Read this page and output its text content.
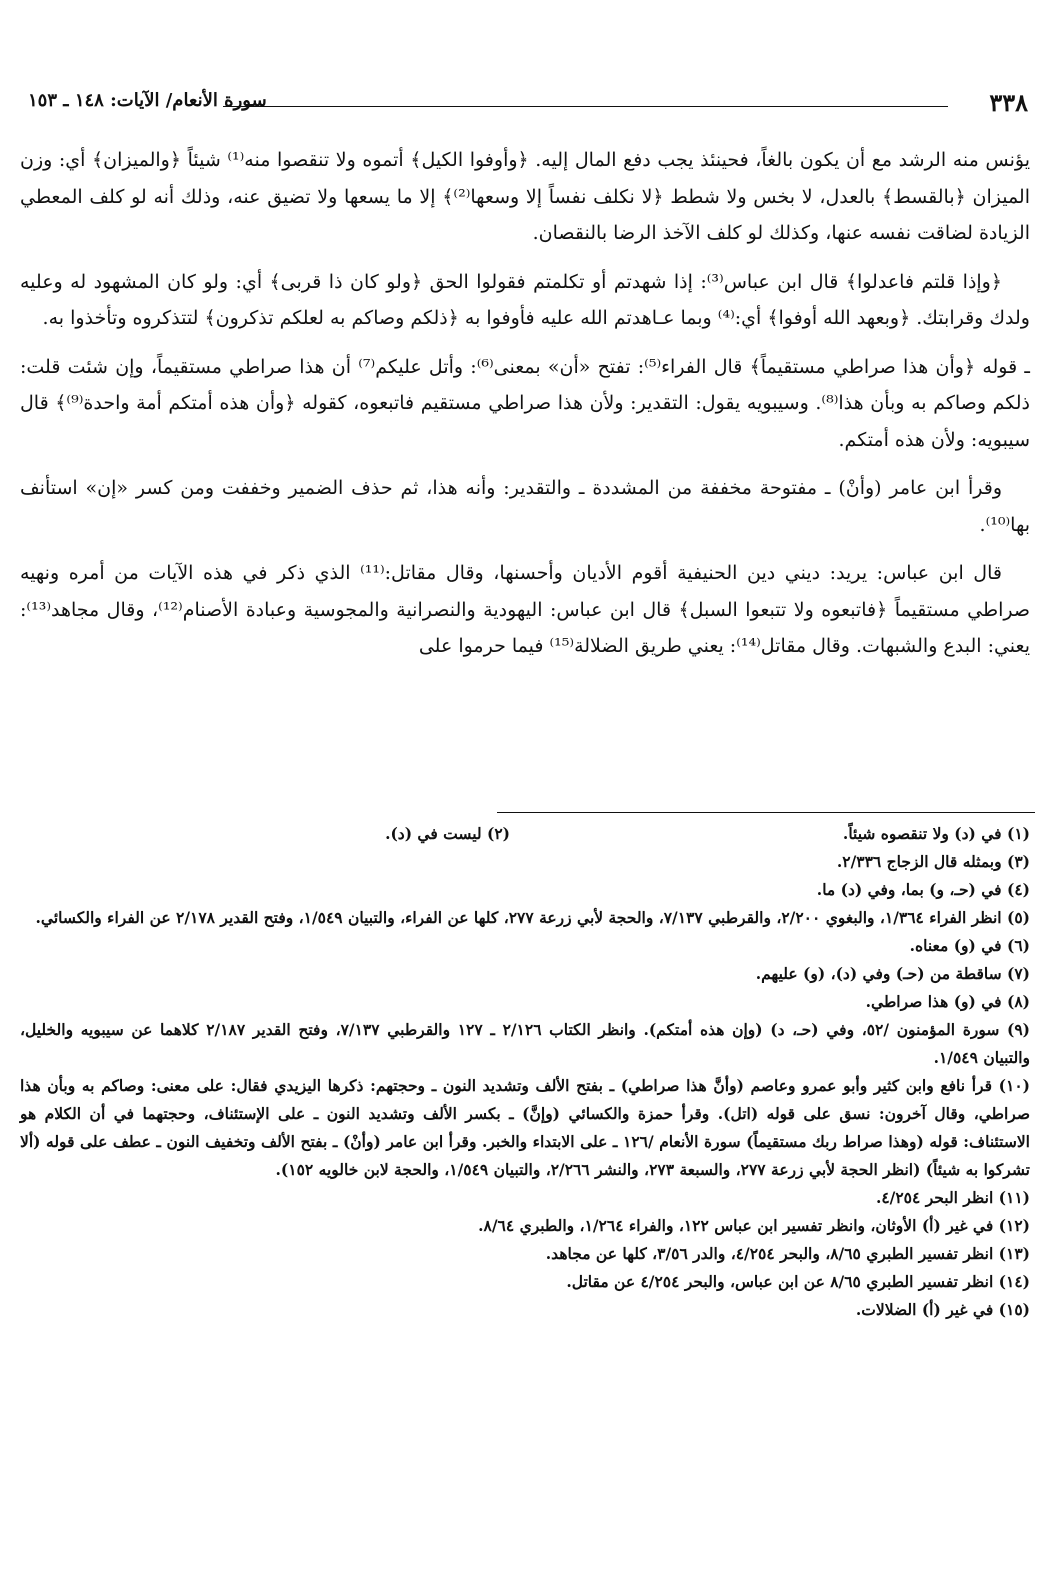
٣٣٨
سورة الأنعام/ الآيات: ١٤٨ ـ ١٥٣

يؤنس منه الرشد مع أن يكون بالغاً، فحينئذ يجب دفع المال إليه. ﴿وأوفوا الكيل﴾ أتموه ولا تنقصوا منه⁽¹⁾ شيئاً ﴿والميزان﴾ أي: وزن الميزان ﴿بالقسط﴾ بالعدل، لا بخس ولا شطط ﴿لا نكلف نفساً إلا وسعها⁽²⁾﴾ إلا ما يسعها ولا تضيق عنه، وذلك أنه لو كلف المعطي الزيادة لضاقت نفسه عنها، وكذلك لو كلف الآخذ الرضا بالنقصان.

﴿وإذا قلتم فاعدلوا﴾ قال ابن عباس⁽³⁾: إذا شهدتم أو تكلمتم فقولوا الحق ﴿ولو كان ذا قربى﴾ أي: ولو كان المشهود له وعليه ولدك وقرابتك. ﴿وبعهد الله أوفوا﴾ أي:⁽⁴⁾ وبما عـاهدتم الله عليه فأوفوا به ﴿ذلكم وصاكم به لعلكم تذكرون﴾ لتتذكروه وتأخذوا به.

ـ قوله ﴿وأن هذا صراطي مستقيماً﴾ قال الفراء⁽⁵⁾: تفتح «أن» بمعنى⁽⁶⁾: وأتل عليكم⁽⁷⁾ أن هذا صراطي مستقيماً، وإن شئت قلت: ذلكم وصاكم به وبأن هذا⁽⁸⁾. وسيبويه يقول: التقدير: ولأن هذا صراطي مستقيم فاتبعوه، كقوله ﴿وأن هذه أمتكم أمة واحدة⁽⁹⁾﴾ قال سيبويه: ولأن هذه أمتكم.

وقرأ ابن عامر (وأنْ) ـ مفتوحة مخففة من المشددة ـ والتقدير: وأنه هذا، ثم حذف الضمير وخففت ومن كسر «إن» استأنف بها⁽¹⁰⁾.

قال ابن عباس: يريد: ديني دين الحنيفية أقوم الأديان وأحسنها، وقال مقاتل:⁽¹¹⁾ الذي ذكر في هذه الآيات من أمره ونهيه صراطي مستقيماً ﴿فاتبعوه ولا تتبعوا السبل﴾ قال ابن عباس: اليهودية والنصرانية والمجوسية وعبادة الأصنام⁽¹²⁾، وقال مجاهد⁽¹³⁾: يعني: البدع والشبهات. وقال مقاتل⁽¹⁴⁾: يعني طريق الضلالة⁽¹⁵⁾ فيما حرموا على

(١) في (د) ولا تنقصوه شيئاً.

(٢) ليست في (د).

(٣) وبمثله قال الزجاج ٢/٣٣٦.

(٤) في (حـ، و) بما، وفي (د) ما.

(٥) انظر الفراء ١/٣٦٤، والبغوي ٢/٢٠٠، والقرطبي ٧/١٣٧، والحجة لأبي زرعة ٢٧٧، كلها عن الفراء، والتبيان ١/٥٤٩، وفتح القدير ٢/١٧٨ عن الفراء والكسائي.

(٦) في (و) معناه.

(٧) ساقطة من (حـ) وفي (د)، (و) عليهم.

(٨) في (و) هذا صراطي.

(٩) سورة المؤمنون /٥٢، وفي (حـ، د) (وإن هذه أمتكم). وانظر الكتاب ٢/١٢٦ ـ ١٢٧ والقرطبي ٧/١٣٧، وفتح القدير ٢/١٨٧ كلاهما عن سيبويه والخليل، والتبيان ١/٥٤٩.

(١٠) قرأ نافع وابن كثير وأبو عمرو وعاصم (وأنَّ هذا صراطي) ـ بفتح الألف وتشديد النون ـ وحجتهم: ذكرها اليزيدي فقال: على معنى: وصاكم به وبأن هذا صراطي، وقال آخرون: نسق على قوله (اتل). وقرأ حمزة والكسائي (وإنَّ) ـ بكسر الألف وتشديد النون ـ على الإستئناف، وحجتهما في أن الكلام هو الاستئناف: قوله (وهذا صراط ربك مستقيماً) سورة الأنعام /١٢٦ ـ على الابتداء والخبر. وقرأ ابن عامر (وأنْ) ـ بفتح الألف وتخفيف النون ـ عطف على قوله (ألا تشركوا به شيئاً) (انظر الحجة لأبي زرعة ٢٧٧، والسبعة ٢٧٣، والنشر ٢/٢٦٦، والتبيان ١/٥٤٩، والحجة لابن خالويه ١٥٢).

(١١) انظر البحر ٤/٢٥٤.

(١٢) في غير (أ) الأوثان، وانظر تفسير ابن عباس ١٢٢، والفراء ١/٢٦٤، والطبري ٨/٦٤.

(١٣) انظر تفسير الطبري ٨/٦٥، والبحر ٤/٢٥٤، والدر ٣/٥٦، كلها عن مجاهد.

(١٤) انظر تفسير الطبري ٨/٦٥ عن ابن عباس، والبحر ٤/٢٥٤ عن مقاتل.

(١٥) في غير (أ) الضلالات.
